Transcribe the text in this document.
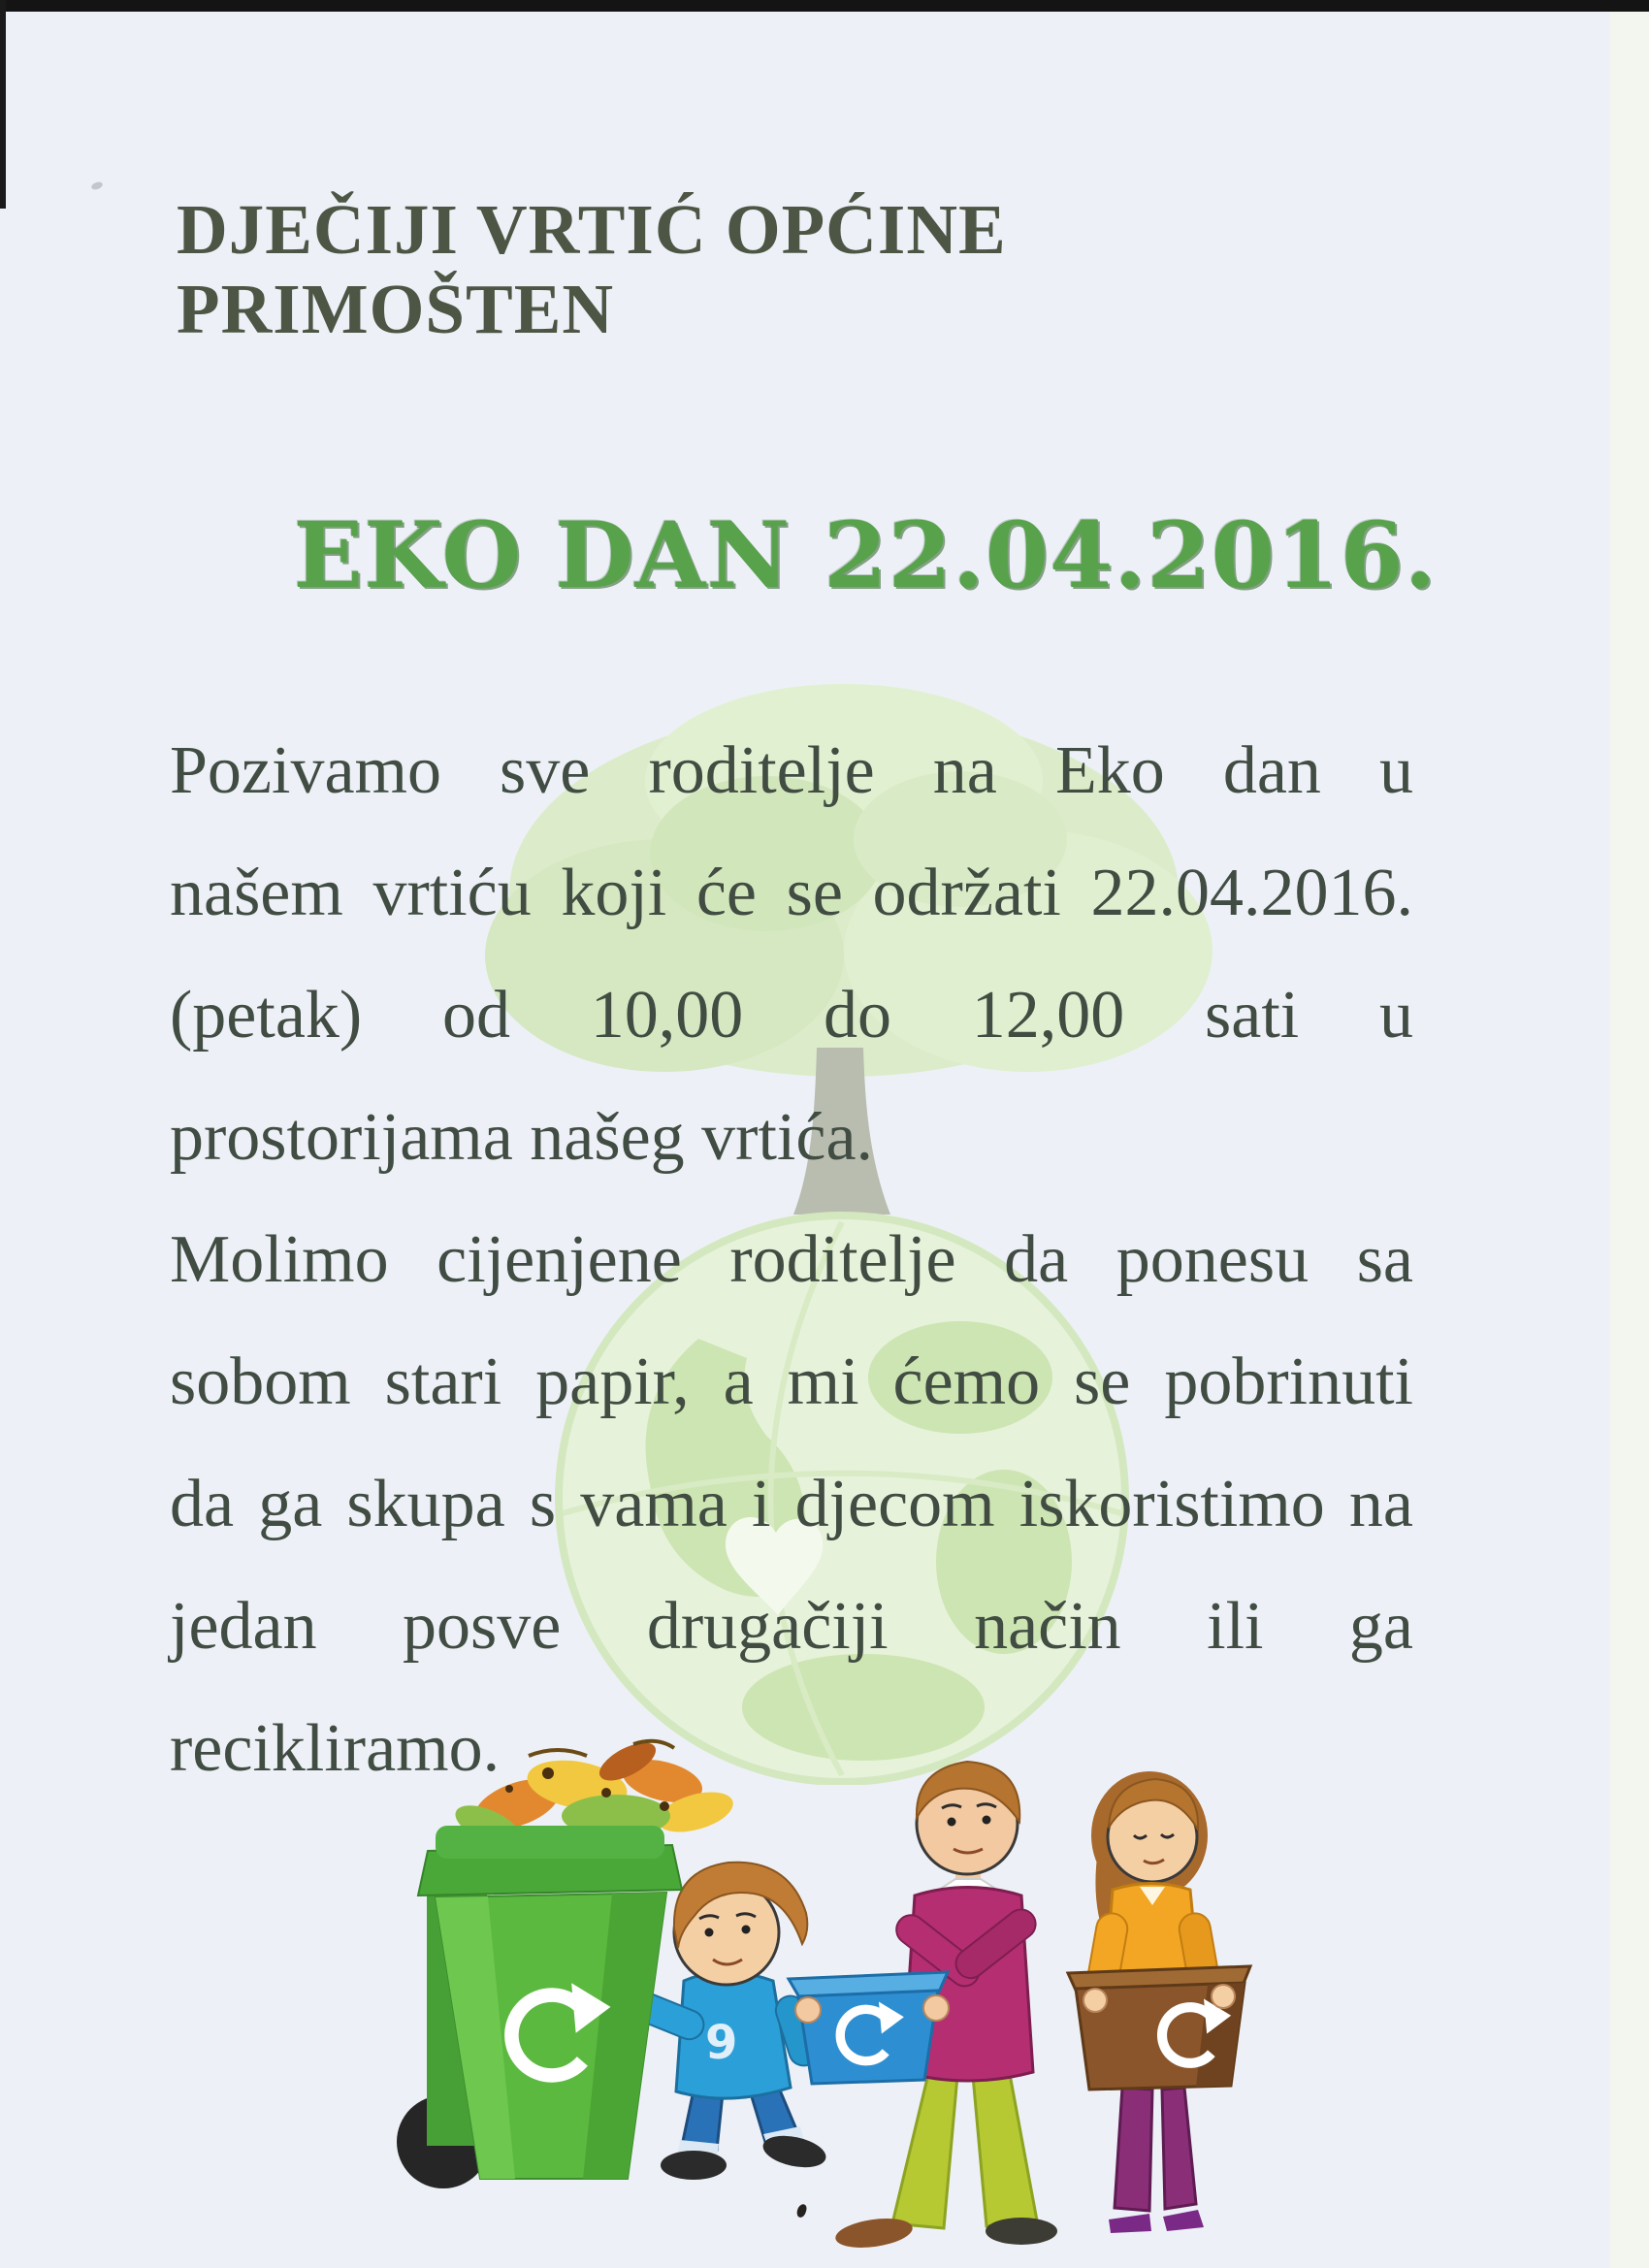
DJEČIJI VRTIĆ OPĆINE
PRIMOŠTEN
EKO DAN 22.04.2016.
Pozivamo sve roditelje na Eko dan u
našem vrtiću koji će se održati 22.04.2016.
(petak) od 10,00 do 12,00 sati u
prostorijama našeg vrtića.
Molimo cijenjene roditelje da ponesu sa
sobom stari papir, a mi ćemo se pobrinuti
da ga skupa s vama i djecom iskoristimo na
jedan posve drugačiji način ili ga
recikliramo.
9
